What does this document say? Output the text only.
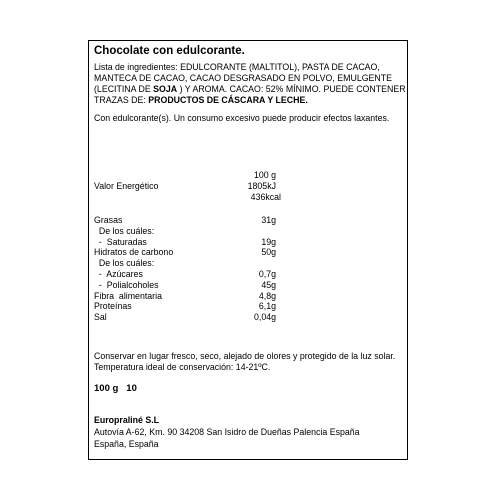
Chocolate con edulcorante.
Lista de ingredientes: EDULCORANTE (MALTITOL), PASTA DE CACAO,
MANTECA DE CACAO, CACAO DESGRASADO EN POLVO, EMULGENTE
(LECITINA DE SOJA ) Y AROMA. CACAO: 52% MÍNIMO. PUEDE CONTENER
TRAZAS DE: PRODUCTOS DE CÁSCARA Y LECHE.
Con edulcorante(s). Un consumo excesivo puede producir efectos laxantes.
100 g
Valor Energético	1805kJ
436kcal
Grasas	31g
De los cuáles:
-  Saturadas	19g
Hidratos de carbono	50g
De los cuáles:
-  Azúcares	0,7g
-  Polialcoholes	45g
Fibra  alimentaria	4,8g
Proteínas	6,1g
Sal	0,04g
Conservar en lugar fresco, seco, alejado de olores y protegido de la luz solar.
Temperatura ideal de conservación: 14-21ºC.
100 g 10
Europraliné S.L
Autovía A-62, Km. 90 34208 San Isidro de Dueñas Palencia España
España, España
